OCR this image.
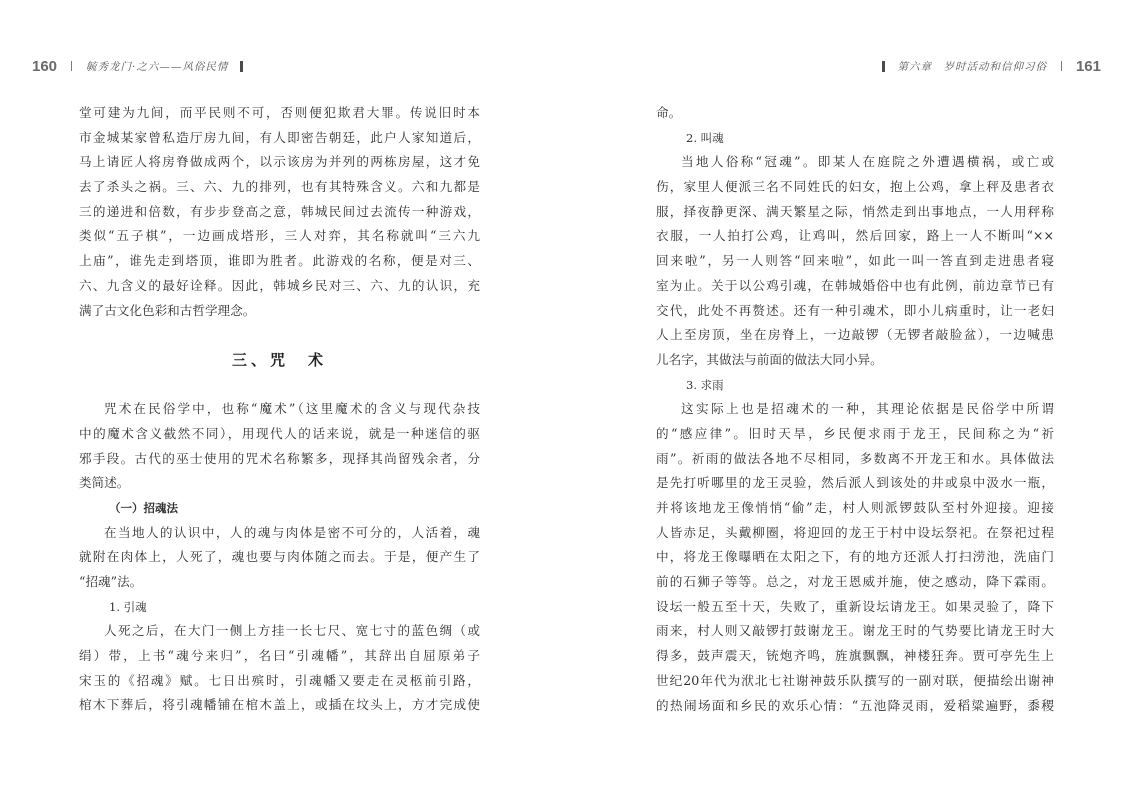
160	毓秀龙门·之六——风俗民情
堂可建为九间，而平民则不可，否则便犯欺君大罪。传说旧时本
市金城某家曾私造厅房九间，有人即密告朝廷，此户人家知道后，
马上请匠人将房脊做成两个，以示该房为并列的两栋房屋，这才免
去了杀头之祸。三、六、九的排列，也有其特殊含义。六和九都是
三的递进和倍数，有步步登高之意，韩城民间过去流传一种游戏，
类似“五子棋”，一边画成塔形，三人对弈，其名称就叫“三六九
上庙”，谁先走到塔顶，谁即为胜者。此游戏的名称，便是对三、
六、九含义的最好诠释。因此，韩城乡民对三、六、九的认识，充
满了古文化色彩和古哲学理念。
三、咒　术
咒术在民俗学中，也称“魔术”（这里魔术的含义与现代杂技
中的魔术含义截然不同），用现代人的话来说，就是一种迷信的驱
邪手段。古代的巫士使用的咒术名称繁多，现择其尚留残余者，分
类简述。
（一）招魂法
在当地人的认识中，人的魂与肉体是密不可分的，人活着，魂
就附在肉体上，人死了，魂也要与肉体随之而去。于是，便产生了
“招魂”法。
1. 引魂
人死之后，在大门一侧上方挂一长七尺、宽七寸的蓝色绸（或
绢）带，上书“魂兮来归”，名曰“引魂幡”，其辞出自屈原弟子
宋玉的《招魂》赋。七日出殡时，引魂幡又要走在灵柩前引路，
棺木下葬后，将引魂幡铺在棺木盖上，或插在坟头上，方才完成使
第六章　岁时活动和信仰习俗 161
命。
2. 叫魂
当地人俗称“冠魂”。即某人在庭院之外遭遇横祸，或亡或
伤，家里人便派三名不同姓氏的妇女，抱上公鸡，拿上秤及患者衣
服，择夜静更深、满天繁星之际，悄然走到出事地点，一人用秤称
衣服，一人拍打公鸡，让鸡叫，然后回家，路上一人不断叫“××
回来啦”，另一人则答“回来啦”，如此一叫一答直到走进患者寝
室为止。关于以公鸡引魂，在韩城婚俗中也有此例，前边章节已有
交代，此处不再赘述。还有一种引魂术，即小儿病重时，让一老妇
人上至房顶，坐在房脊上，一边敲锣（无锣者敲脸盆），一边喊患
儿名字，其做法与前面的做法大同小异。
3. 求雨
这实际上也是招魂术的一种，其理论依据是民俗学中所谓
的“感应律”。旧时天旱，乡民便求雨于龙王，民间称之为“祈
雨”。祈雨的做法各地不尽相同，多数离不开龙王和水。具体做法
是先打听哪里的龙王灵验，然后派人到该处的井或泉中汲水一瓶，
并将该地龙王像悄悄“偷”走，村人则派锣鼓队至村外迎接。迎接
人皆赤足，头戴柳圈，将迎回的龙王于村中设坛祭祀。在祭祀过程
中，将龙王像曝晒在太阳之下，有的地方还派人打扫涝池，洗庙门
前的石狮子等等。总之，对龙王恩威并施，使之感动，降下霖雨。
设坛一般五至十天，失败了，重新设坛请龙王。如果灵验了，降下
雨来，村人则又敲锣打鼓谢龙王。谢龙王时的气势要比请龙王时大
得多，鼓声震天，铳炮齐鸣，旌旗飘飘，神楼狂奔。贾可亭先生上
世纪20年代为洑北七社谢神鼓乐队撰写的一副对联，便描绘出谢神
的热闹场面和乡民的欢乐心情：“五池降灵雨，爱稻粱遍野，黍稷
